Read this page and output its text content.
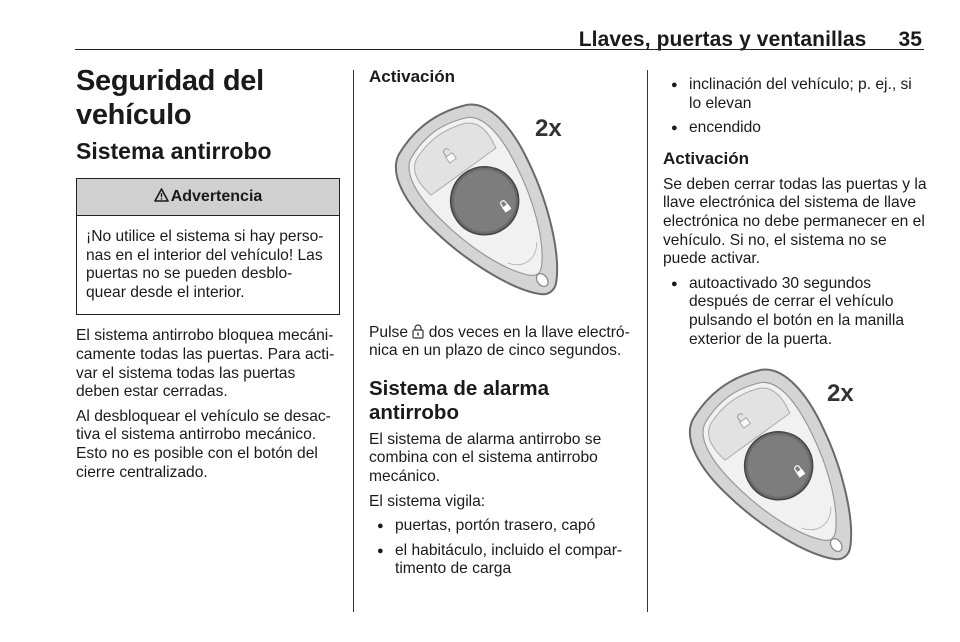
Llaves, puertas y ventanillas 35
Seguridad del vehículo
Sistema antirrobo
Advertencia
¡No utilice el sistema si hay perso-nas en el interior del vehículo! Las puertas no se pueden desblo-quear desde el interior.

El sistema antirrobo bloquea mecáni-camente todas las puertas. Para acti-var el sistema todas las puertas deben estar cerradas.

Al desbloquear el vehículo se desac-tiva el sistema antirrobo mecánico. Esto no es posible con el botón del cierre centralizado.

Activación
2x

Pulse dos veces en la llave electró-nica en un plazo de cinco segundos.

Sistema de alarma antirrobo

El sistema de alarma antirrobo se combina con el sistema antirrobo mecánico.

El sistema vigila:

● puertas, portón trasero, capó
● el habitáculo, incluido el compar-timento de carga
● inclinación del vehículo; p. ej., si lo elevan
● encendido
Activación

Se deben cerrar todas las puertas y la llave electrónica del sistema de llave electrónica no debe permanecer en el vehículo. Si no, el sistema no se puede activar.

● autoactivado 30 segundos después de cerrar el vehículo pulsando el botón en la manilla exterior de la puerta.
2x
